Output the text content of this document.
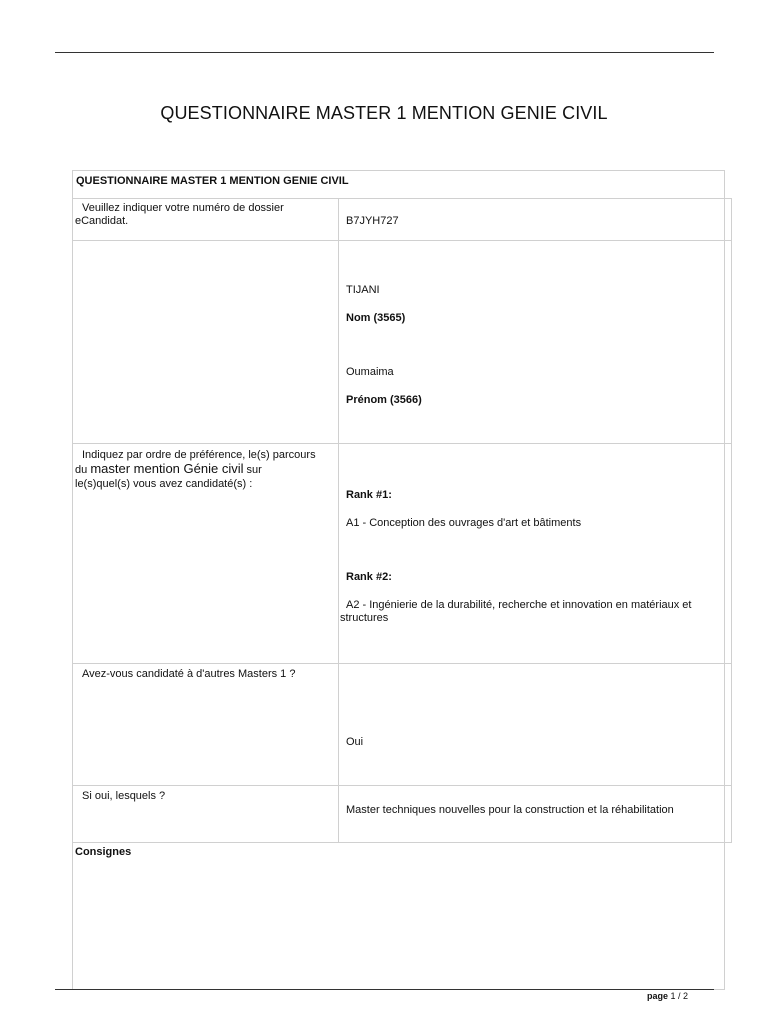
QUESTIONNAIRE MASTER 1 MENTION GENIE CIVIL
QUESTIONNAIRE MASTER 1 MENTION GENIE CIVIL
Veuillez indiquer votre numéro de dossier
eCandidat.	B7JYH727
TIJANI
Nom (3565)
Oumaima
Prénom (3566)
Indiquez par ordre de préférence, le(s) parcours
du master mention Génie civil sur
le(s)quel(s) vous avez candidaté(s) :
Rank #1:
A1 - Conception des ouvrages d'art et bâtiments
Rank #2:
A2 - Ingénierie de la durabilité, recherche et innovation en matériaux et
structures
Avez-vous candidaté à d'autres Masters 1 ?
Oui
Si oui, lesquels ?
Master techniques nouvelles pour la construction et la réhabilitation
Consignes
page 1 / 2
